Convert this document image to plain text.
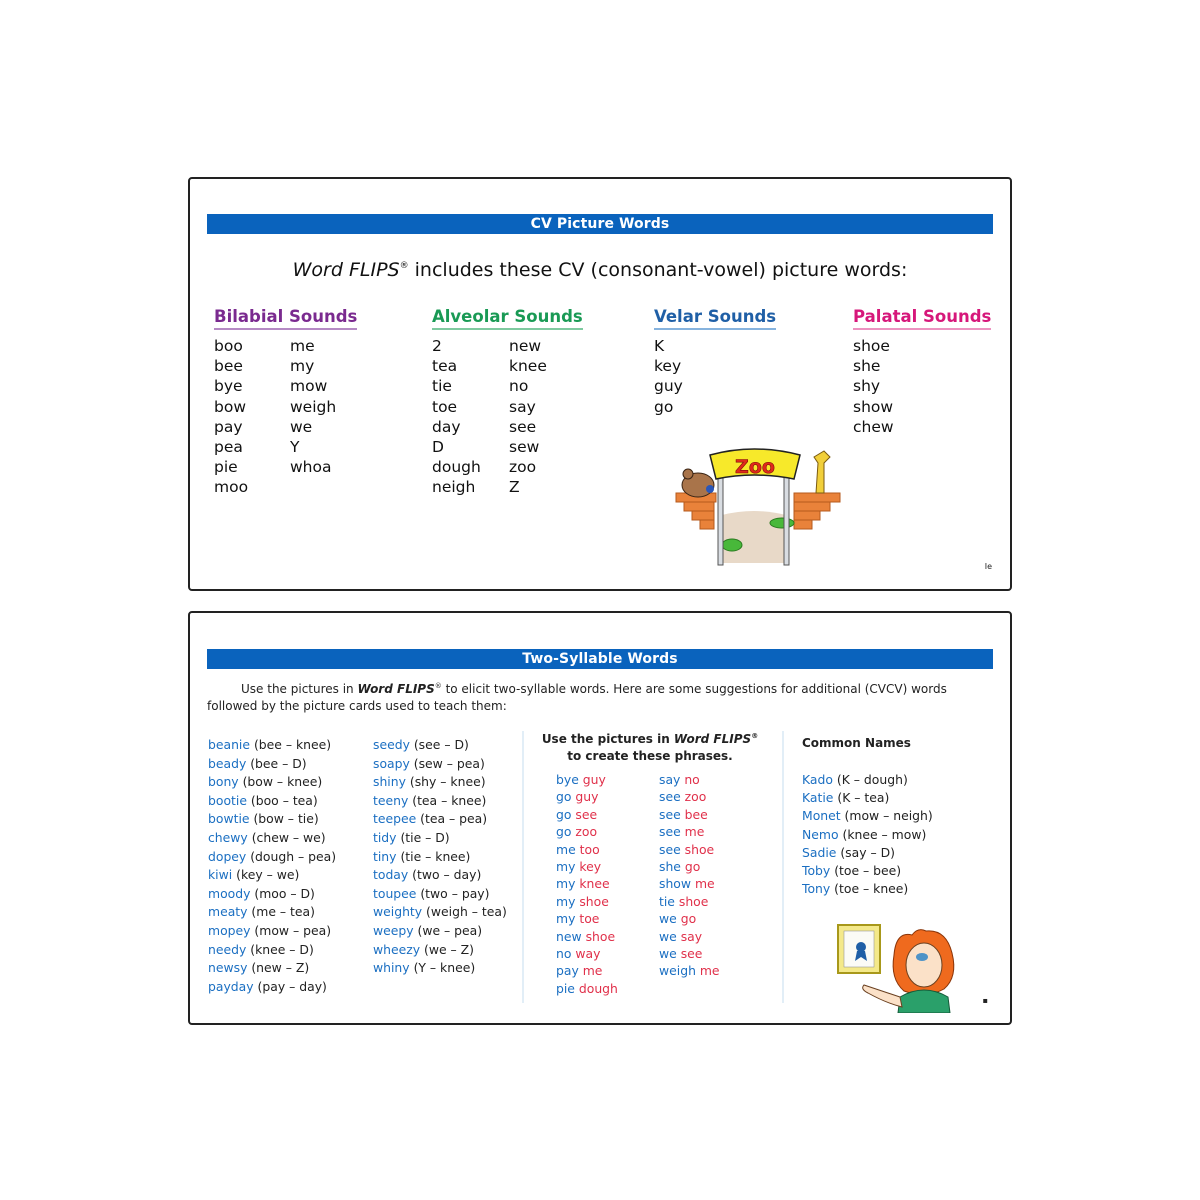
CV Picture Words
Word FLIPS® includes these CV (consonant-vowel) picture words:
Bilabial Sounds
boo
bee
bye
bow
pay
pea
pie
moo
me
my
mow
weigh
we
Y
whoa
Alveolar Sounds
2
tea
tie
toe
day
D
dough
neigh
new
knee
no
say
see
sew
zoo
Z
Velar Sounds
K
key
guy
go
Palatal Sounds
shoe
she
shy
show
chew
Zoo
Ie
Two-Syllable Words
Use the pictures in Word FLIPS® to elicit two-syllable words. Here are some suggestions for additional (CVCV) words followed by the picture cards used to teach them:
beanie (bee – knee)
beady (bee – D)
bony (bow – knee)
bootie (boo – tea)
bowtie (bow – tie)
chewy (chew – we)
dopey (dough – pea)
kiwi (key – we)
moody (moo – D)
meaty (me – tea)
mopey (mow – pea)
needy (knee – D)
newsy (new – Z)
payday (pay – day)
seedy (see – D)
soapy (sew – pea)
shiny (shy – knee)
teeny (tea – knee)
teepee (tea – pea)
tidy (tie – D)
tiny (tie – knee)
today (two – day)
toupee (two – pay)
weighty (weigh – tea)
weepy (we – pea)
wheezy (we – Z)
whiny (Y – knee)
Use the pictures in Word FLIPS®
to create these phrases.
bye guy
go guy
go see
go zoo
me too
my key
my knee
my shoe
my toe
new shoe
no way
pay me
pie dough
say no
see zoo
see bee
see me
see shoe
she go
show me
tie shoe
we go
we say
we see
weigh me
Common Names
Kado (K – dough)
Katie (K – tea)
Monet (mow – neigh)
Nemo (knee – mow)
Sadie (say – D)
Toby (toe – bee)
Tony (toe – knee)
▪
